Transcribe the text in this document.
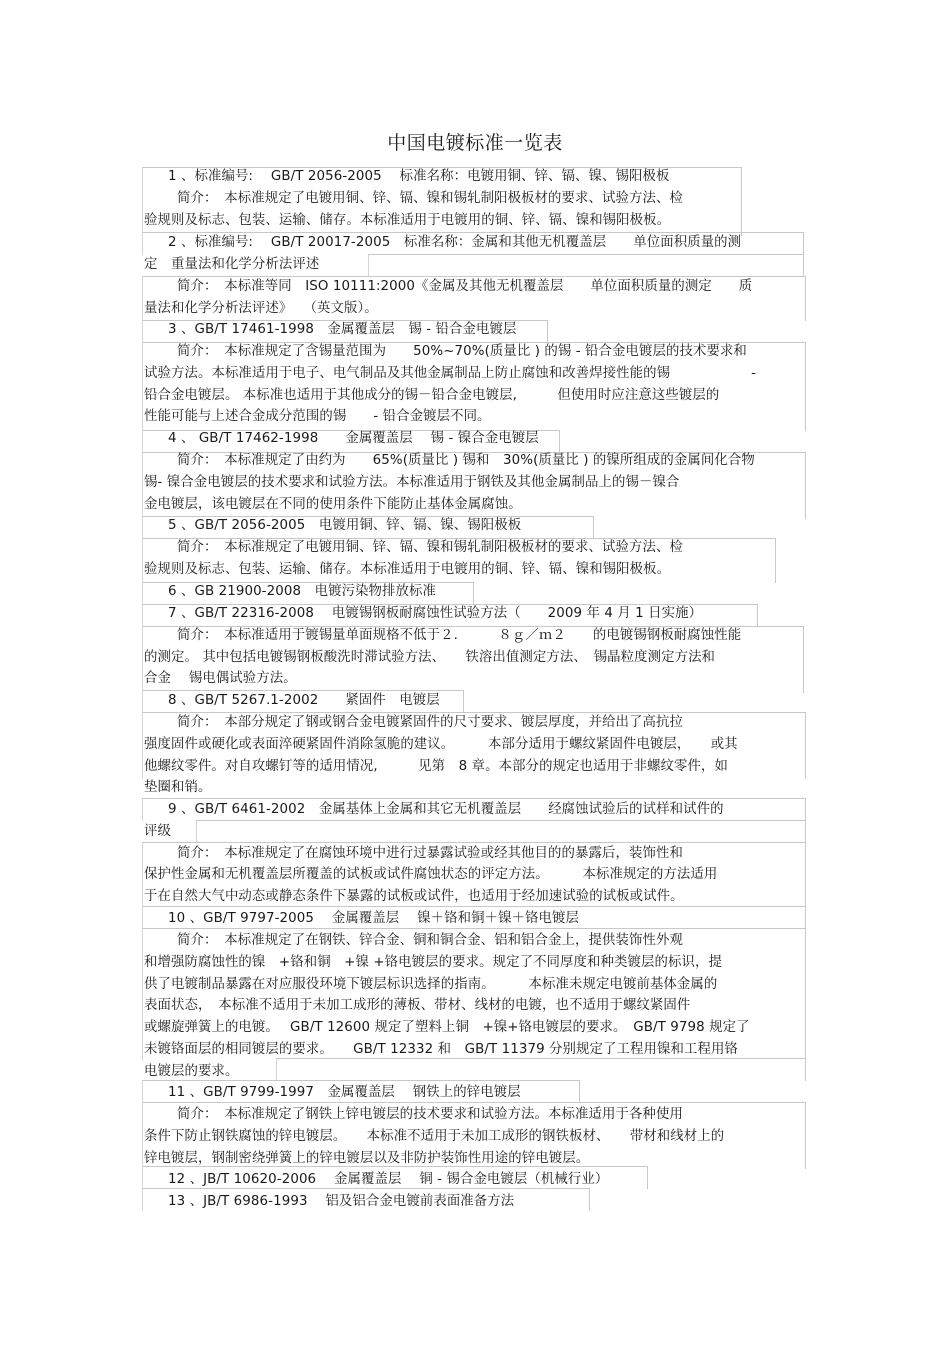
中国电镀标准一览表
1 、标准编号:　 GB/T 2056-2005　 标准名称：电镀用铜、锌、镉、镍、锡阳极板
简介：　本标准规定了电镀用铜、锌、镉、镍和锡轧制阳极板材的要求、试验方法、检
验规则及标志、包装、运输、储存。本标准适用于电镀用的铜、锌、镉、镍和锡阳极板。
2 、标准编号:　 GB/T 20017-2005　标准名称：金属和其他无机覆盖层　　单位面积质量的测
定　重量法和化学分析法评述
简介：　本标准等同　ISO 10111:2000《金属及其他无机覆盖层　　单位面积质量的测定　　质
量法和化学分析法评述》　 （英文版）。
3 、GB/T 17461-1998　金属覆盖层　锡 - 铅合金电镀层
简介：　本标准规定了含锡量范围为　　50%~70%(质量比 ) 的锡 - 铅合金电镀层的技术要求和
试验方法。本标准适用于电子、电气制品及其他金属制品上防止腐蚀和改善焊接性能的锡　　　　　　-
铅合金电镀层。 本标准也适用于其他成分的锡－铅合金电镀层,　　　但使用时应注意这些镀层的
性能可能与上述合金成分范围的锡　　- 铅合金镀层不同。
4 、 GB/T 17462-1998　　金属覆盖层　 锡 - 镍合金电镀层
简介：　本标准规定了由约为　　65%(质量比 ) 锡和　30%(质量比 ) 的镍所组成的金属间化合物
锡- 镍合金电镀层的技术要求和试验方法。本标准适用于钢铁及其他金属制品上的锡－镍合
金电镀层，该电镀层在不同的使用条件下能防止基体金属腐蚀。
5 、GB/T 2056-2005　电镀用铜、锌、镉、镍、锡阳极板
简介：　本标准规定了电镀用铜、锌、镉、镍和锡轧制阳极板材的要求、试验方法、检
验规则及标志、包装、运输、储存。本标准适用于电镀用的铜、锌、镉、镍和锡阳极板。
6 、GB 21900-2008　电镀污染物排放标准
7 、GB/T 22316-2008　 电镀锡钢板耐腐蚀性试验方法（　　2009 年 4 月 1 日实施）
简介：　本标准适用于镀锡量单面规格不低于２.　　　８ｇ／ｍ２　　的电镀锡钢板耐腐蚀性能
的测定。 其中包括电镀锡钢板酸洗时滞试验方法、　　铁溶出值测定方法、　锡晶粒度测定方法和
合金　 锡电偶试验方法。
8 、GB/T 5267.1-2002　　紧固件　电镀层
简介：　本部分规定了钢或钢合金电镀紧固件的尺寸要求、镀层厚度，并给出了高抗拉
强度固件或硬化或表面淬硬紧固件消除氢脆的建议。　　　本部分适用于螺纹紧固件电镀层，　　或其
他螺纹零件。对自攻螺钉等的适用情况,　　　见第　8 章。本部分的规定也适用于非螺纹零件，如
垫圈和销。
9 、GB/T 6461-2002　金属基体上金属和其它无机覆盖层　　经腐蚀试验后的试样和试件的
评级
简介：　本标准规定了在腐蚀环境中进行过暴露试验或经其他目的的暴露后，装饰性和
保护性金属和无机覆盖层所覆盖的试板或试件腐蚀状态的评定方法。　　　本标准规定的方法适用
于在自然大气中动态或静态条件下暴露的试板或试件，也适用于经加速试验的试板或试件。
10 、GB/T 9797-2005　 金属覆盖层　 镍＋铬和铜＋镍＋铬电镀层
简介：　本标准规定了在钢铁、锌合金、铜和铜合金、铝和铝合金上，提供装饰性外观
和增强防腐蚀性的镍　+铬和铜　+镍 +铬电镀层的要求。规定了不同厚度和种类镀层的标识，提
供了电镀制品暴露在对应服役环境下镀层标识选择的指南。　　　本标准未规定电镀前基体金属的
表面状态，　本标准不适用于未加工成形的薄板、带材、线材的电镀，也不适用于螺纹紧固件
或螺旋弹簧上的电镀。　 GB/T 12600 规定了塑料上铜　+镍+铬电镀层的要求。　GB/T 9798 规定了
未镀铬面层的相同镀层的要求。　　GB/T 12332 和　GB/T 11379 分别规定了工程用镍和工程用铬
电镀层的要求。
11 、GB/T 9799-1997　金属覆盖层　 钢铁上的锌电镀层
简介：　本标准规定了钢铁上锌电镀层的技术要求和试验方法。本标准适用于各种使用
条件下防止钢铁腐蚀的锌电镀层。　　本标准不适用于未加工成形的钢铁板材、　　带材和线材上的
锌电镀层，钢制密绕弹簧上的锌电镀层以及非防护装饰性用途的锌电镀层。
12 、JB/T 10620-2006　 金属覆盖层　 铜 - 锡合金电镀层（机械行业）
13 、JB/T 6986-1993　 铝及铝合金电镀前表面准备方法
